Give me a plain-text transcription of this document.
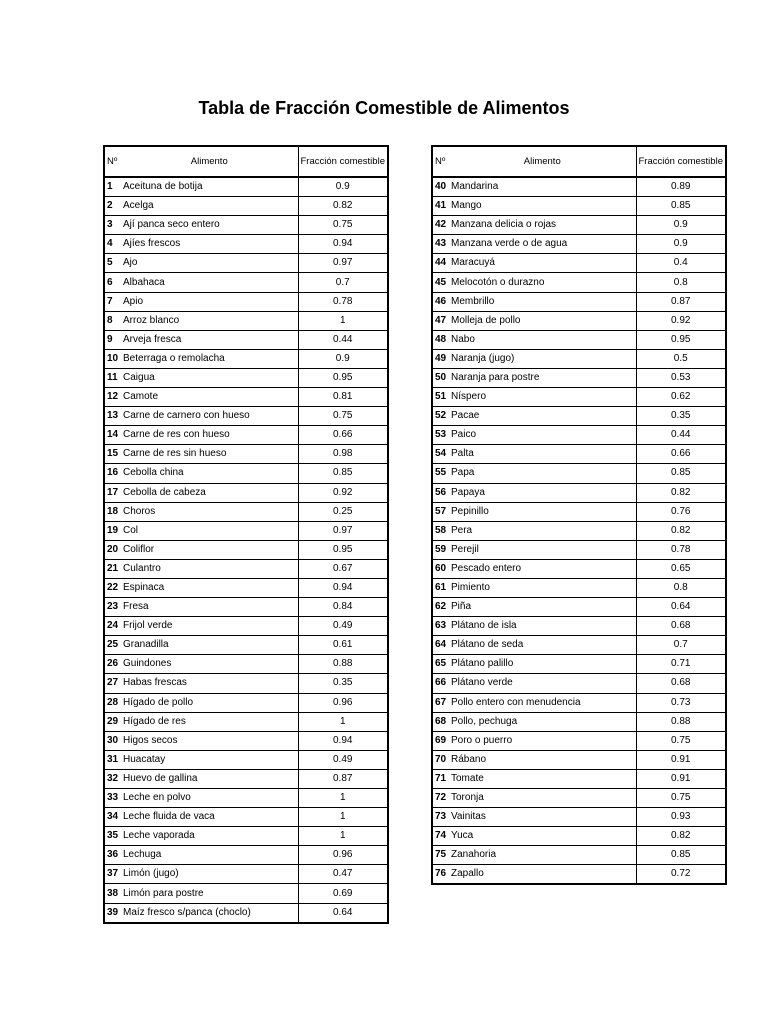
Tabla de Fracción Comestible de Alimentos
Nº	Alimento	Fracción comestible
1	Aceituna de botija	0.9
2	Acelga	0.82
3	Ají panca seco entero	0.75
4	Ajíes frescos	0.94
5	Ajo	0.97
6	Albahaca	0.7
7	Apio	0.78
8	Arroz blanco	1
9	Arveja fresca	0.44
10	Beterraga o remolacha	0.9
11	Caigua	0.95
12	Camote	0.81
13	Carne de carnero con hueso	0.75
14	Carne de res con hueso	0.66
15	Carne de res sin hueso	0.98
16	Cebolla china	0.85
17	Cebolla de cabeza	0.92
18	Choros	0.25
19	Col	0.97
20	Coliflor	0.95
21	Culantro	0.67
22	Espinaca	0.94
23	Fresa	0.84
24	Frijol verde	0.49
25	Granadilla	0.61
26	Guindones	0.88
27	Habas frescas	0.35
28	Hígado de pollo	0.96
29	Hígado de res	1
30	Higos secos	0.94
31	Huacatay	0.49
32	Huevo de gallina	0.87
33	Leche en polvo	1
34	Leche fluida de vaca	1
35	Leche vaporada	1
36	Lechuga	0.96
37	Limón (jugo)	0.47
38	Limón para postre	0.69
39	Maíz fresco s/panca (choclo)	0.64
Nº	Alimento	Fracción comestible
40	Mandarina	0.89
41	Mango	0.85
42	Manzana delicia o rojas	0.9
43	Manzana verde o de agua	0.9
44	Maracuyá	0.4
45	Melocotón o durazno	0.8
46	Membrillo	0.87
47	Molleja de pollo	0.92
48	Nabo	0.95
49	Naranja (jugo)	0.5
50	Naranja para postre	0.53
51	Níspero	0.62
52	Pacae	0.35
53	Paico	0.44
54	Palta	0.66
55	Papa	0.85
56	Papaya	0.82
57	Pepinillo	0.76
58	Pera	0.82
59	Perejil	0.78
60	Pescado entero	0.65
61	Pimiento	0.8
62	Piña	0.64
63	Plátano de isla	0.68
64	Plátano de seda	0.7
65	Plátano palillo	0.71
66	Plátano verde	0.68
67	Pollo entero con menudencia	0.73
68	Pollo, pechuga	0.88
69	Poro o puerro	0.75
70	Rábano	0.91
71	Tomate	0.91
72	Toronja	0.75
73	Vainitas	0.93
74	Yuca	0.82
75	Zanahoria	0.85
76	Zapallo	0.72
